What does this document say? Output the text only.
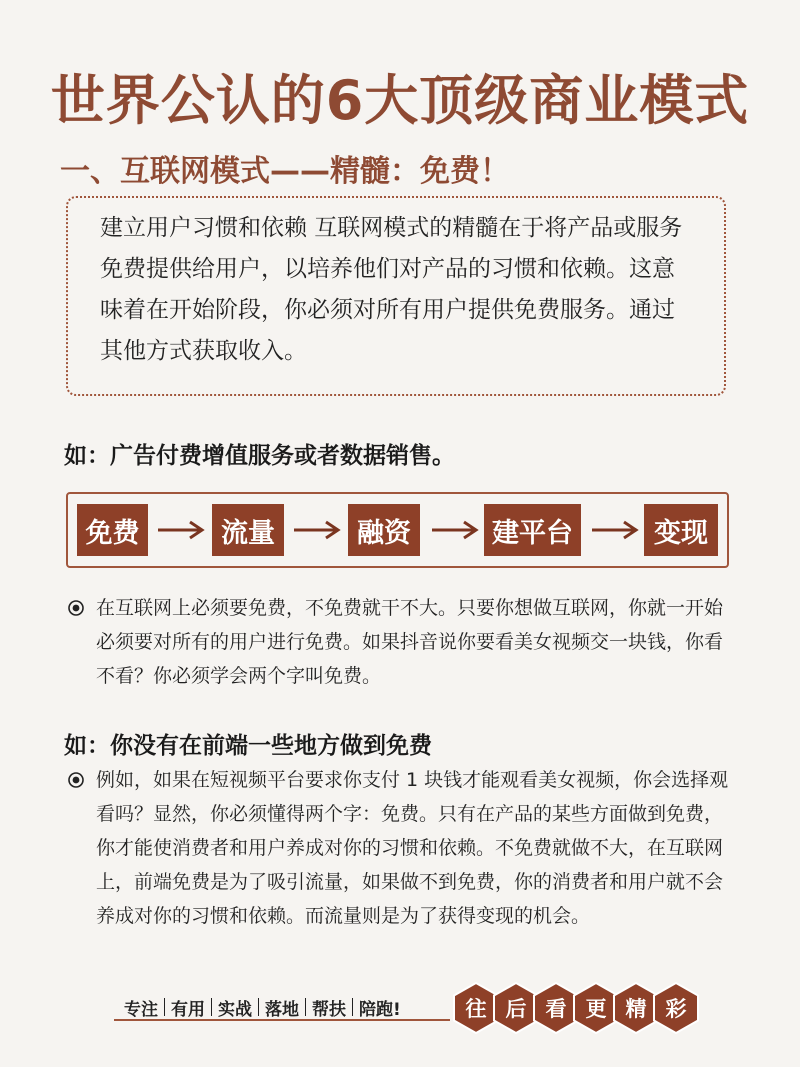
世界公认的6大顶级商业模式
一、互联网模式——精髓：免费！

建立用户习惯和依赖 互联网模式的精髓在于将产品或服务
免费提供给用户，以培养他们对产品的习惯和依赖。这意
味着在开始阶段，你必须对所有用户提供免费服务。通过
其他方式获取收入。

如：广告付费增值服务或者数据销售。
免费	流量	融资	建平台	变现

在互联网上必须要免费，不免费就干不大。只要你想做互联网，你就一开始
必须要对所有的用户进行免费。如果抖音说你要看美女视频交一块钱，你看
不看？你必须学会两个字叫免费。

如：你没有在前端一些地方做到免费

例如，如果在短视频平台要求你支付 1 块钱才能观看美女视频，你会选择观
看吗？显然，你必须懂得两个字：免费。只有在产品的某些方面做到免费，
你才能使消费者和用户养成对你的习惯和依赖。不免费就做不大，在互联网
上，前端免费是为了吸引流量，如果做不到免费，你的消费者和用户就不会
养成对你的习惯和依赖。而流量则是为了获得变现的机会。

专注 有用 实战 落地 帮扶 陪跑!	往 后 看 更 精 彩
